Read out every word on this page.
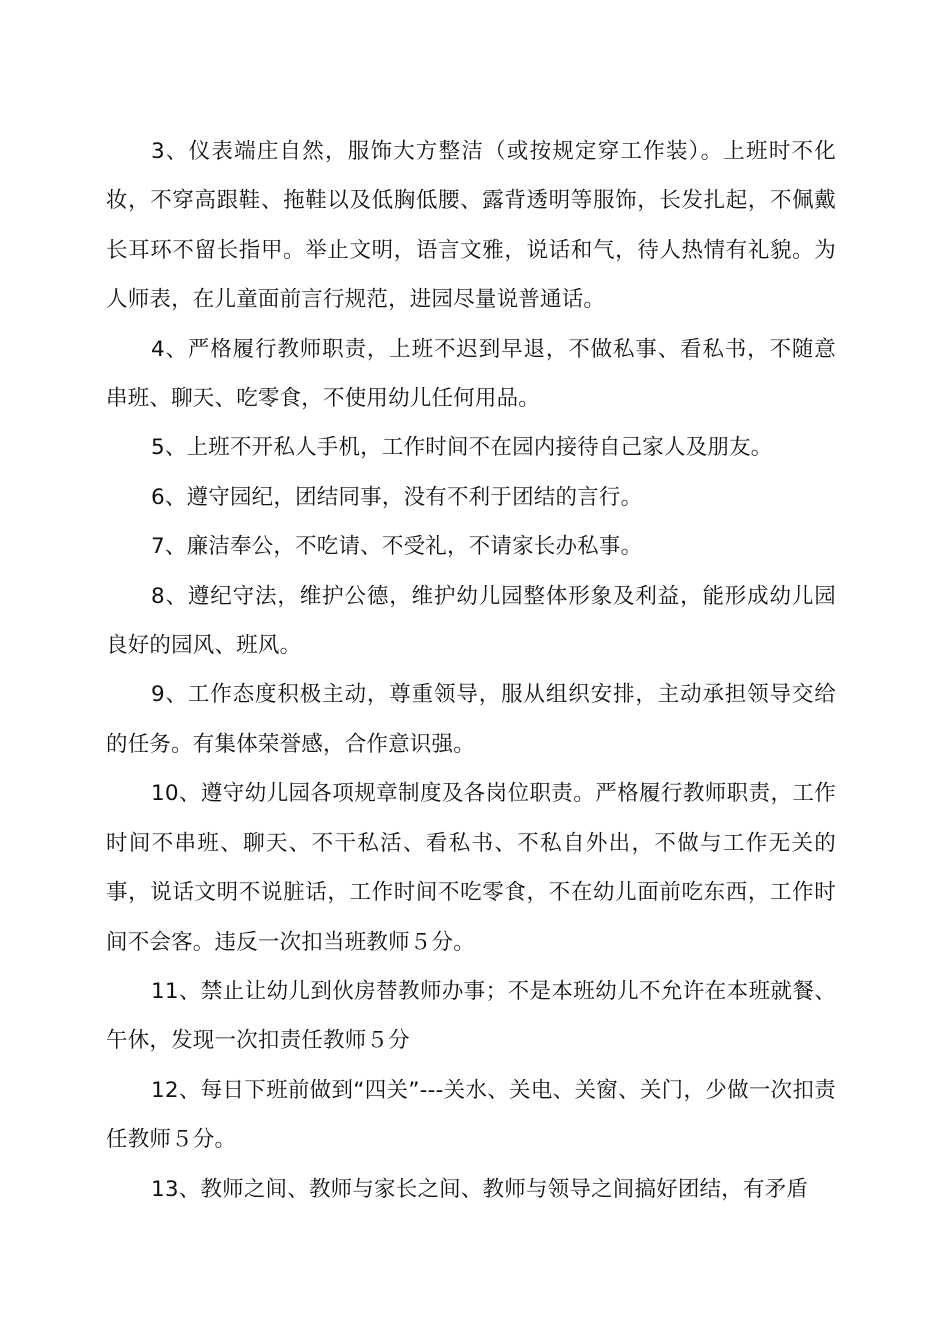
3、仪表端庄自然，服饰大方整洁（或按规定穿工作装）。上班时不化妆，不穿高跟鞋、拖鞋以及低胸低腰、露背透明等服饰，长发扎起，不佩戴长耳环不留长指甲。举止文明，语言文雅，说话和气，待人热情有礼貌。为人师表，在儿童面前言行规范，进园尽量说普通话。

4、严格履行教师职责，上班不迟到早退，不做私事、看私书，不随意串班、聊天、吃零食，不使用幼儿任何用品。

5、上班不开私人手机，工作时间不在园内接待自己家人及朋友。

6、遵守园纪，团结同事，没有不利于团结的言行。

7、廉洁奉公，不吃请、不受礼，不请家长办私事。

8、遵纪守法，维护公德，维护幼儿园整体形象及利益，能形成幼儿园良好的园风、班风。

9、工作态度积极主动，尊重领导，服从组织安排，主动承担领导交给的任务。有集体荣誉感，合作意识强。

10、遵守幼儿园各项规章制度及各岗位职责。严格履行教师职责，工作时间不串班、聊天、不干私活、看私书、不私自外出，不做与工作无关的事，说话文明不说脏话，工作时间不吃零食，不在幼儿面前吃东西，工作时间不会客。违反一次扣当班教师５分。

11、禁止让幼儿到伙房替教师办事；不是本班幼儿不允许在本班就餐、午休，发现一次扣责任教师５分

12、每日下班前做到“四关”---关水、关电、关窗、关门，少做一次扣责任教师５分。

13、教师之间、教师与家长之间、教师与领导之间搞好团结，有矛盾
